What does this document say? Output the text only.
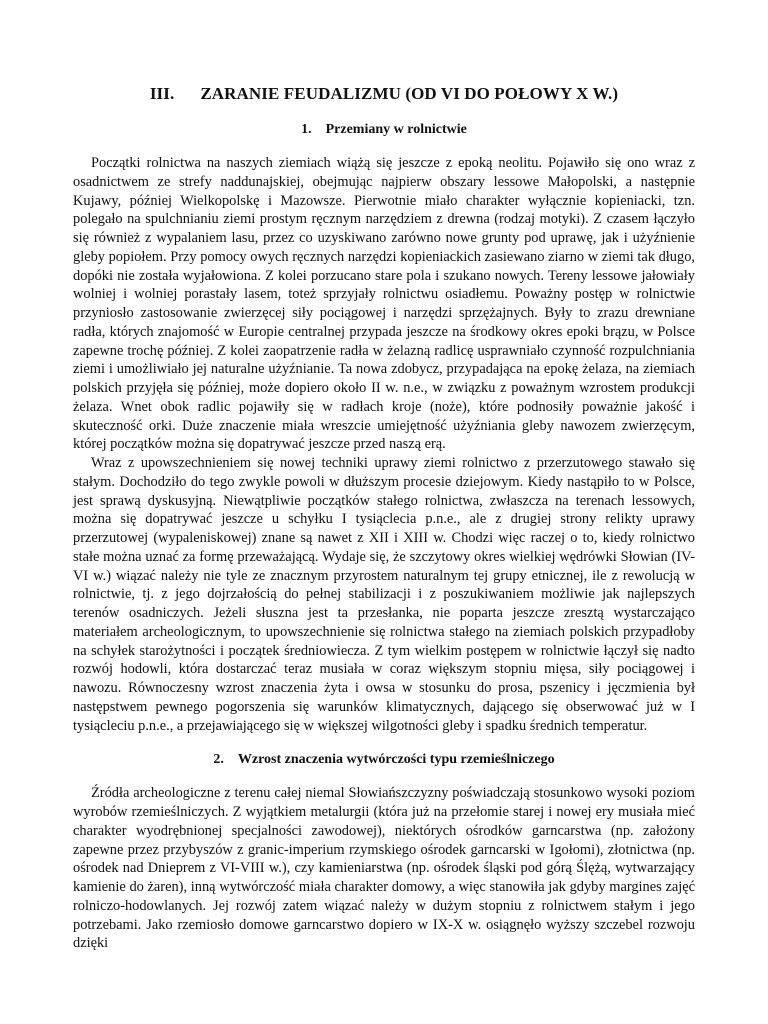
III. ZARANIE FEUDALIZMU (OD VI DO POŁOWY X W.)
1. Przemiany w rolnictwie

Początki rolnictwa na naszych ziemiach wiążą się jeszcze z epoką neolitu. Pojawiło się ono wraz z osadnictwem ze strefy naddunajskiej, obejmując najpierw obszary lessowe Małopolski, a następnie Kujawy, później Wielkopolskę i Mazowsze. Pierwotnie miało charakter wyłącznie kopieniacki, tzn. polegało na spulchnianiu ziemi prostym ręcznym narzędziem z drewna (rodzaj motyki). Z czasem łączyło się również z wypalaniem lasu, przez co uzyskiwano zarówno nowe grunty pod uprawę, jak i użyźnienie gleby popiołem. Przy pomocy owych ręcznych narzędzi kopieniackich zasiewano ziarno w ziemi tak długo, dopóki nie została wyjałowiona. Z kolei porzucano stare pola i szukano nowych. Tereny lessowe jałowiały wolniej i wolniej porastały lasem, toteż sprzyjały rolnictwu osiadłemu. Poważny postęp w rolnictwie przyniosło zastosowanie zwierzęcej siły pociągowej i narzędzi sprzężajnych. Były to zrazu drewniane radła, których znajomość w Europie centralnej przypada jeszcze na środkowy okres epoki brązu, w Polsce zapewne trochę później. Z kolei zaopatrzenie radła w żelazną radlicę usprawniało czynność rozpulchniania ziemi i umożliwiało jej naturalne użyźnianie. Ta nowa zdobycz, przypadająca na epokę żelaza, na ziemiach polskich przyjęła się później, może dopiero około II w. n.e., w związku z poważnym wzrostem produkcji żelaza. Wnet obok radlic pojawiły się w radłach kroje (noże), które podnosiły poważnie jakość i skuteczność orki. Duże znaczenie miała wreszcie umiejętność użyźniania gleby nawozem zwierzęcym, której początków można się dopatrywać jeszcze przed naszą erą.

Wraz z upowszechnieniem się nowej techniki uprawy ziemi rolnictwo z przerzutowego stawało się stałym. Dochodziło do tego zwykle powoli w dłuższym procesie dziejowym. Kiedy nastąpiło to w Polsce, jest sprawą dyskusyjną. Niewątpliwie początków stałego rolnictwa, zwłaszcza na terenach lessowych, można się dopatrywać jeszcze u schyłku I tysiąclecia p.n.e., ale z drugiej strony relikty uprawy przerzutowej (wypaleniskowej) znane są nawet z XII i XIII w. Chodzi więc raczej o to, kiedy rolnictwo stałe można uznać za formę przeważającą. Wydaje się, że szczytowy okres wielkiej wędrówki Słowian (IV-VI w.) wiązać należy nie tyle ze znacznym przyrostem naturalnym tej grupy etnicznej, ile z rewolucją w rolnictwie, tj. z jego dojrzałością do pełnej stabilizacji i z poszukiwaniem możliwie jak najlepszych terenów osadniczych. Jeżeli słuszna jest ta przesłanka, nie poparta jeszcze zresztą wystarczająco materiałem archeologicznym, to upowszechnienie się rolnictwa stałego na ziemiach polskich przypadłoby na schyłek starożytności i początek średniowiecza. Z tym wielkim postępem w rolnictwie łączył się nadto rozwój hodowli, która dostarczać teraz musiała w coraz większym stopniu mięsa, siły pociągowej i nawozu. Równoczesny wzrost znaczenia żyta i owsa w stosunku do prosa, pszenicy i jęczmienia był następstwem pewnego pogorszenia się warunków klimatycznych, dającego się obserwować już w I tysiącleciu p.n.e., a przejawiającego się w większej wilgotności gleby i spadku średnich temperatur.

2. Wzrost znaczenia wytwórczości typu rzemieślniczego

Źródła archeologiczne z terenu całej niemal Słowiańszczyzny poświadczają stosunkowo wysoki poziom wyrobów rzemieślniczych. Z wyjątkiem metalurgii (która już na przełomie starej i nowej ery musiała mieć charakter wyodrębnionej specjalności zawodowej), niektórych ośrodków garncarstwa (np. założony zapewne przez przybyszów z granic-imperium rzymskiego ośrodek garncarski w Igołomi), złotnictwa (np. ośrodek nad Dnieprem z VI-VIII w.), czy kamieniarstwa (np. ośrodek śląski pod górą Ślężą, wytwarzający kamienie do żaren), inną wytwórczość miała charakter domowy, a więc stanowiła jak gdyby margines zajęć rolniczo-hodowlanych. Jej rozwój zatem wiązać należy w dużym stopniu z rolnictwem stałym i jego potrzebami. Jako rzemiosło domowe garncarstwo dopiero w IX-X w. osiągnęło wyższy szczebel rozwoju dzięki
